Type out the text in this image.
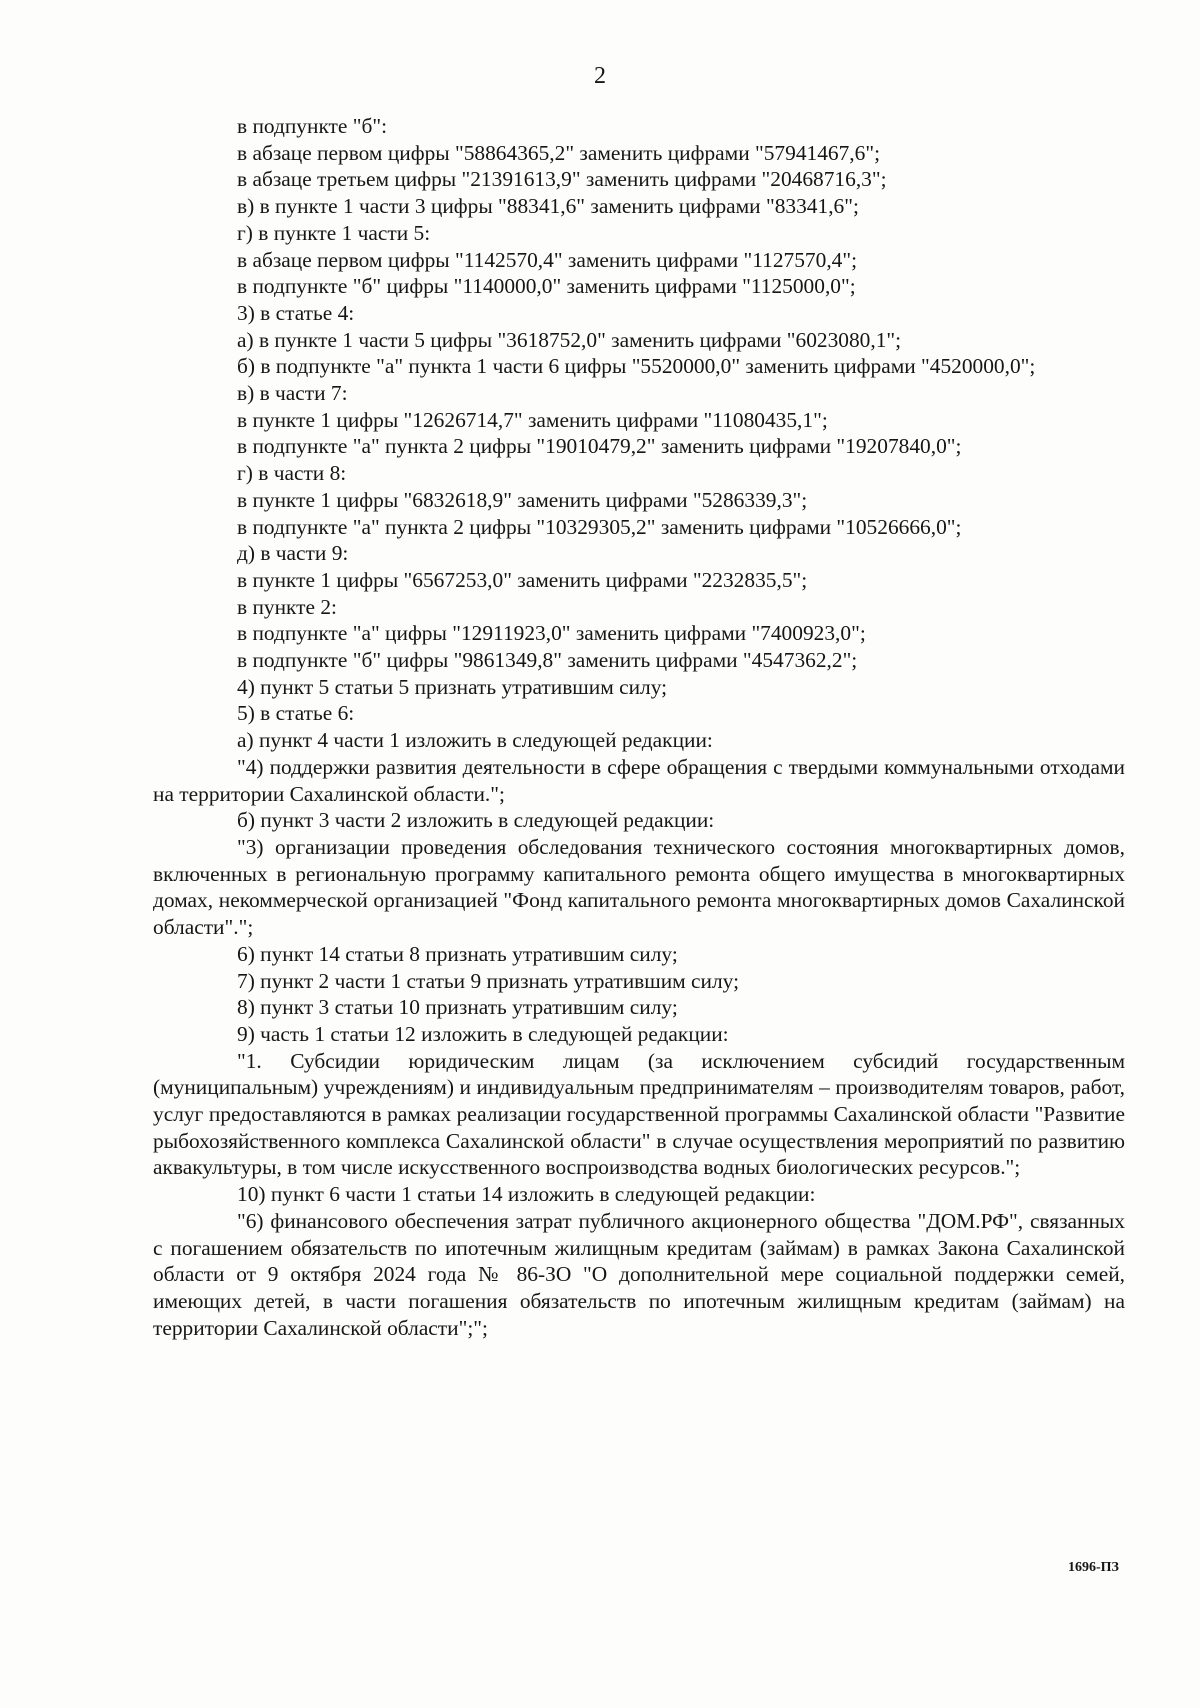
2

в подпункте "б":

в абзаце первом цифры "58864365,2" заменить цифрами "57941467,6";

в абзаце третьем цифры "21391613,9" заменить цифрами "20468716,3";

в) в пункте 1 части 3 цифры "88341,6" заменить цифрами "83341,6";

г) в пункте 1 части 5:

в абзаце первом цифры "1142570,4" заменить цифрами "1127570,4";

в подпункте "б" цифры "1140000,0" заменить цифрами "1125000,0";

3) в статье 4:

а) в пункте 1 части 5 цифры "3618752,0" заменить цифрами "6023080,1";

б) в подпункте "а" пункта 1 части 6 цифры "5520000,0" заменить цифрами "4520000,0";

в) в части 7:

в пункте 1 цифры "12626714,7" заменить цифрами "11080435,1";

в подпункте "а" пункта 2 цифры "19010479,2" заменить цифрами "19207840,0";

г) в части 8:

в пункте 1 цифры "6832618,9" заменить цифрами "5286339,3";

в подпункте "а" пункта 2 цифры "10329305,2" заменить цифрами "10526666,0";

д) в части 9:

в пункте 1 цифры "6567253,0" заменить цифрами "2232835,5";

в пункте 2:

в подпункте "а" цифры "12911923,0" заменить цифрами "7400923,0";

в подпункте "б" цифры "9861349,8" заменить цифрами "4547362,2";

4) пункт 5 статьи 5 признать утратившим силу;

5) в статье 6:

а) пункт 4 части 1 изложить в следующей редакции:

"4) поддержки развития деятельности в сфере обращения с твердыми коммунальными отходами на территории Сахалинской области.";

б) пункт 3 части 2 изложить в следующей редакции:

"3) организации проведения обследования технического состояния многоквартирных домов, включенных в региональную программу капитального ремонта общего имущества в многоквартирных домах, некоммерческой организацией "Фонд капитального ремонта многоквартирных домов Сахалинской области".";

6) пункт 14 статьи 8 признать утратившим силу;

7) пункт 2 части 1 статьи 9 признать утратившим силу;

8) пункт 3 статьи 10 признать утратившим силу;

9) часть 1 статьи 12 изложить в следующей редакции:

"1. Субсидии юридическим лицам (за исключением субсидий государственным (муниципальным) учреждениям) и индивидуальным предпринимателям – производителям товаров, работ, услуг предоставляются в рамках реализации государственной программы Сахалинской области "Развитие рыбохозяйственного комплекса Сахалинской области" в случае осуществления мероприятий по развитию аквакультуры, в том числе искусственного воспроизводства водных биологических ресурсов.";

10) пункт 6 части 1 статьи 14 изложить в следующей редакции:

"6) финансового обеспечения затрат публичного акционерного общества "ДОМ.РФ", связанных с погашением обязательств по ипотечным жилищным кредитам (займам) в рамках Закона Сахалинской области от 9 октября 2024 года № 86-ЗО "О дополнительной мере социальной поддержки семей, имеющих детей, в части погашения обязательств по ипотечным жилищным кредитам (займам) на территории Сахалинской области";";

1696-ПЗ
